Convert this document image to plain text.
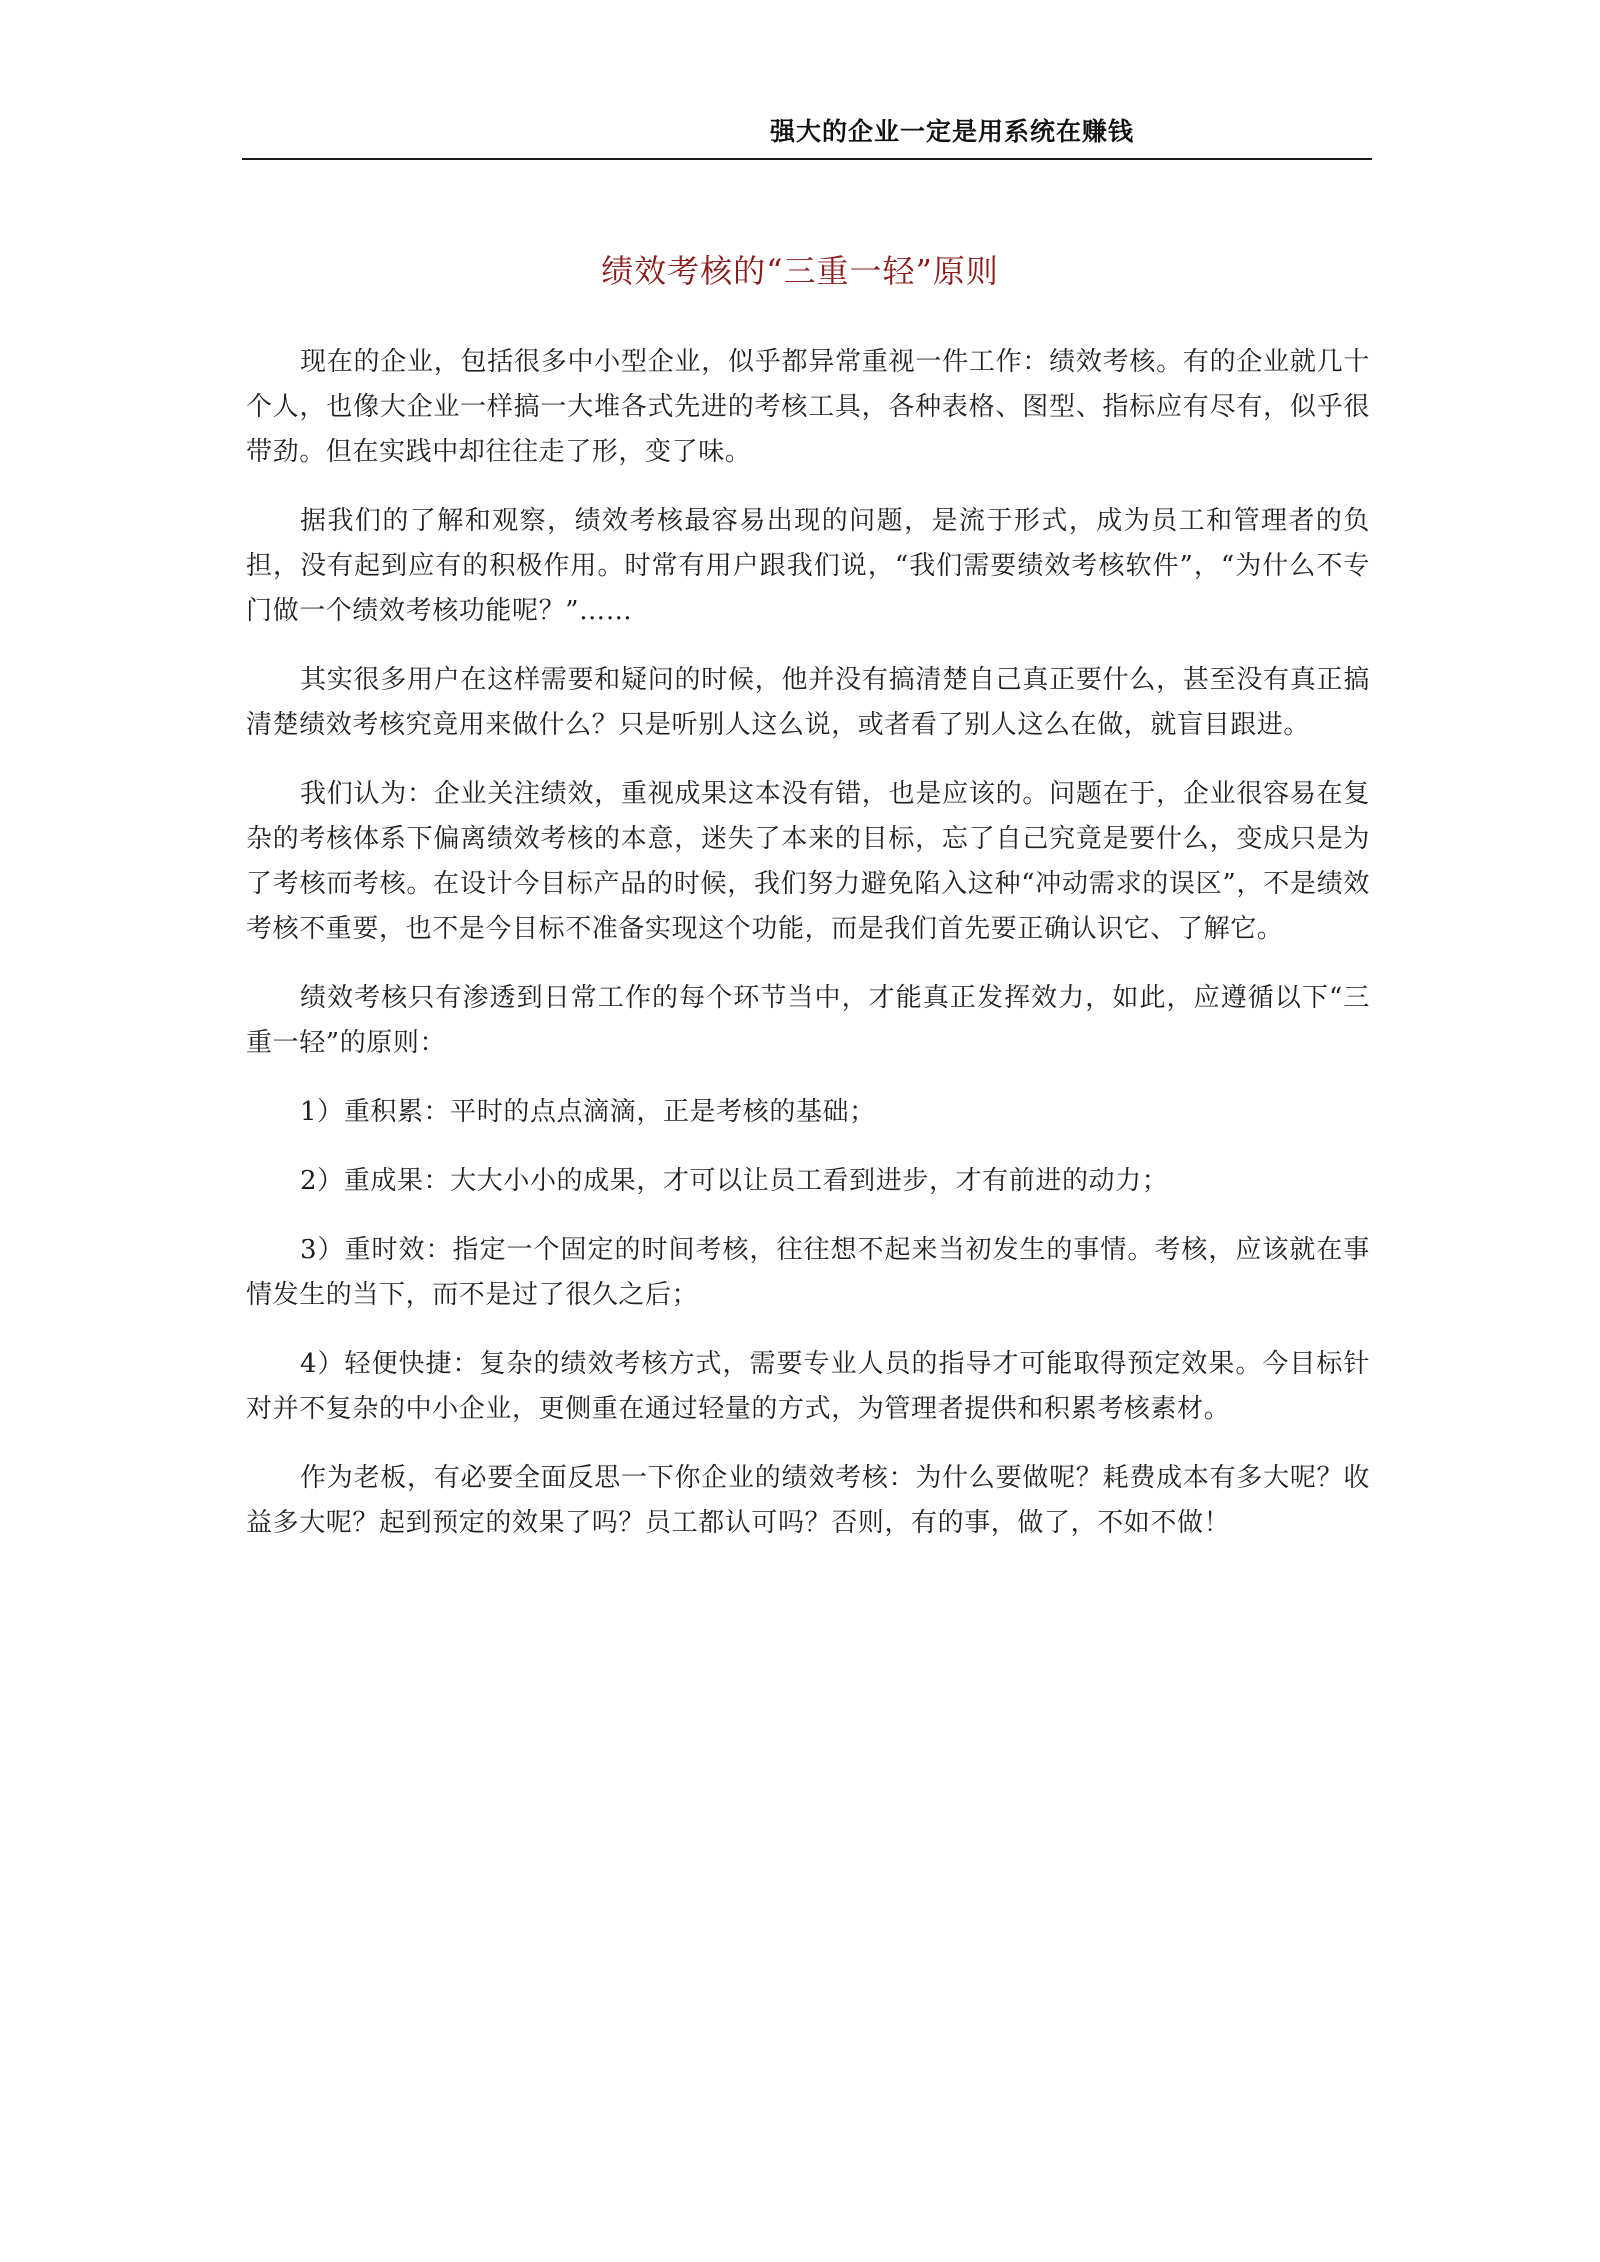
强大的企业一定是用系统在赚钱
绩效考核的“三重一轻”原则

现在的企业，包括很多中小型企业，似乎都异常重视一件工作：绩效考核。有的企业就几十个人，也像大企业一样搞一大堆各式先进的考核工具，各种表格、图型、指标应有尽有，似乎很带劲。但在实践中却往往走了形，变了味。

据我们的了解和观察，绩效考核最容易出现的问题，是流于形式，成为员工和管理者的负担，没有起到应有的积极作用。时常有用户跟我们说，“我们需要绩效考核软件”，“为什么不专门做一个绩效考核功能呢？”……

其实很多用户在这样需要和疑问的时候，他并没有搞清楚自己真正要什么，甚至没有真正搞清楚绩效考核究竟用来做什么？只是听别人这么说，或者看了别人这么在做，就盲目跟进。

我们认为：企业关注绩效，重视成果这本没有错，也是应该的。问题在于，企业很容易在复杂的考核体系下偏离绩效考核的本意，迷失了本来的目标，忘了自己究竟是要什么，变成只是为了考核而考核。在设计今目标产品的时候，我们努力避免陷入这种“冲动需求的误区”，不是绩效考核不重要，也不是今目标不准备实现这个功能，而是我们首先要正确认识它、了解它。

绩效考核只有渗透到日常工作的每个环节当中，才能真正发挥效力，如此，应遵循以下“三重一轻”的原则：

1）重积累：平时的点点滴滴，正是考核的基础；

2）重成果：大大小小的成果，才可以让员工看到进步，才有前进的动力；

3）重时效：指定一个固定的时间考核，往往想不起来当初发生的事情。考核，应该就在事情发生的当下，而不是过了很久之后；

4）轻便快捷：复杂的绩效考核方式，需要专业人员的指导才可能取得预定效果。今目标针对并不复杂的中小企业，更侧重在通过轻量的方式，为管理者提供和积累考核素材。

作为老板，有必要全面反思一下你企业的绩效考核：为什么要做呢？耗费成本有多大呢？收益多大呢？起到预定的效果了吗？员工都认可吗？否则，有的事，做了，不如不做！
